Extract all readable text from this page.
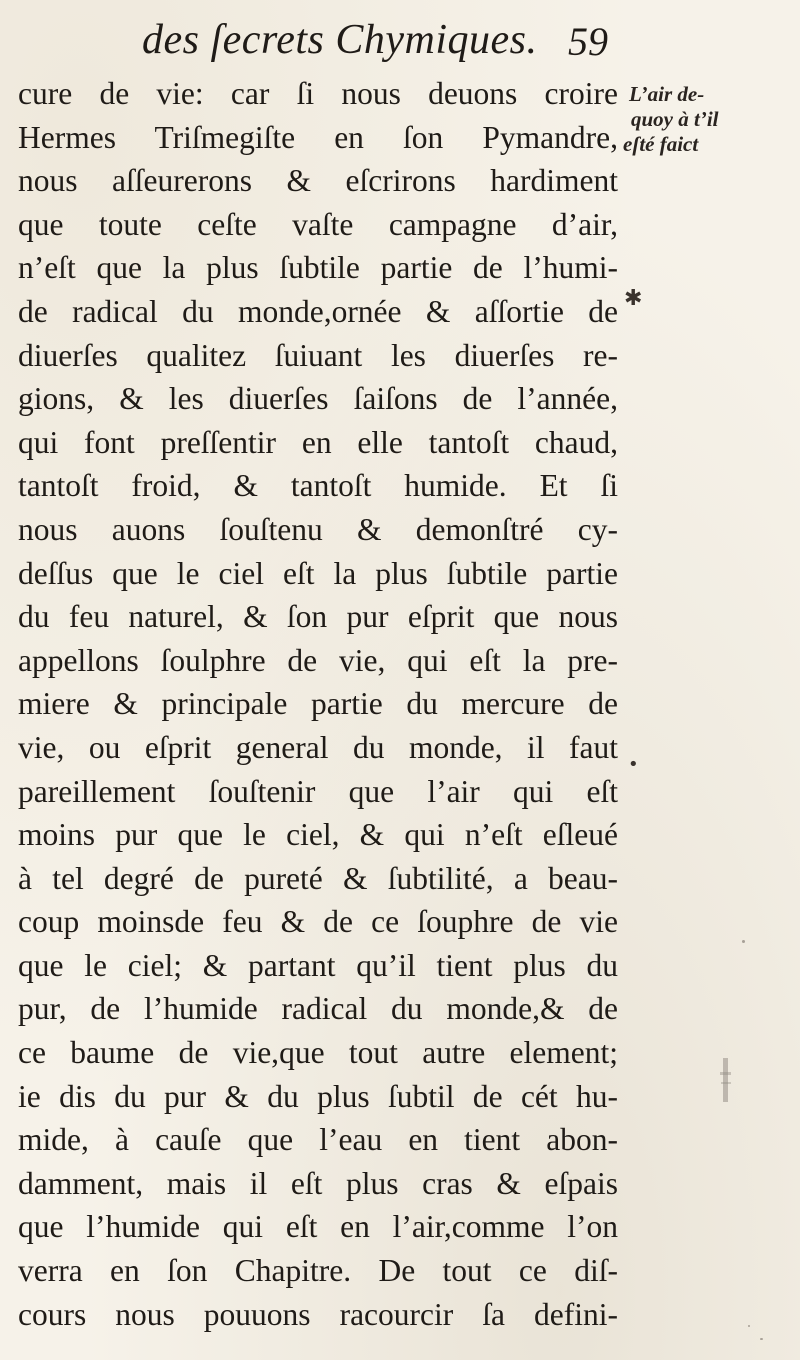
des ſecrets Chymiques. 59
cure de vie: car ſi nous deuons croire
Hermes Triſmegiſte en ſon Pymandre,
nous aſſeurerons & eſcrirons hardiment
que toute ceſte vaſte campagne d’air,
n’eſt que la plus ſubtile partie de l’humi-
de radical du monde,ornée & aſſortie de
diuerſes qualitez ſuiuant les diuerſes re-
gions, & les diuerſes ſaiſons de l’année,
qui font preſſentir en elle tantoſt chaud,
tantoſt froid, & tantoſt humide. Et ſi
nous auons ſouſtenu & demonſtré cy-
deſſus que le ciel eſt la plus ſubtile partie
du feu naturel, & ſon pur eſprit que nous
appellons ſoulphre de vie, qui eſt la pre-
miere & principale partie du mercure de
vie, ou eſprit general du monde, il faut
pareillement ſouſtenir que l’air qui eſt
moins pur que le ciel, & qui n’eſt eſleué
à tel degré de pureté & ſubtilité, a beau-
coup moinsde feu & de ce ſouphre de vie
que le ciel; & partant qu’il tient plus du
pur, de l’humide radical du monde,& de
ce baume de vie,que tout autre element;
ie dis du pur & du plus ſubtil de cét hu-
mide, à cauſe que l’eau en tient abon-
damment, mais il eſt plus cras & eſpais
que l’humide qui eſt en l’air,comme l’on
verra en ſon Chapitre. De tout ce diſ-
cours nous pouuons racourcir ſa defini-
L’air de-
quoy à t’il
eſté faict
✱
•
